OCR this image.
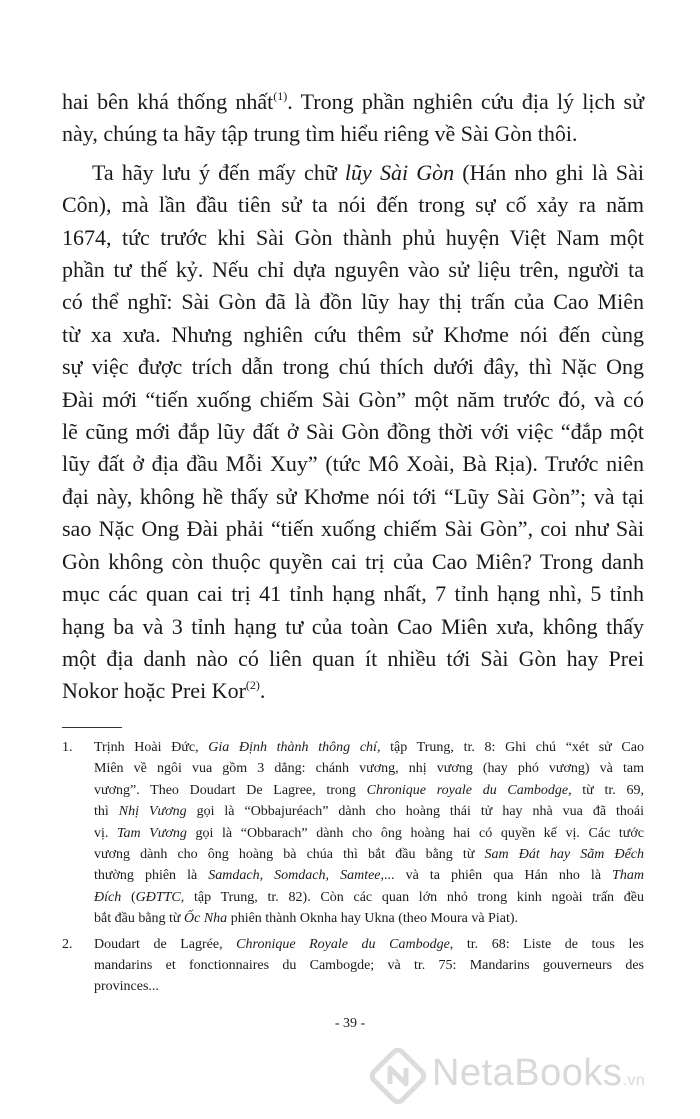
hai bên khá thống nhất$^{(1)}$. Trong phần nghiên cứu địa lý lịch sử
này, chúng ta hãy tập trung tìm hiểu riêng về Sài Gòn thôi.

Ta hãy lưu ý đến mấy chữ lũy Sài Gòn (Hán nho ghi là Sài
Côn), mà lần đầu tiên sử ta nói đến trong sự cố xảy ra năm
1674, tức trước khi Sài Gòn thành phủ huyện Việt Nam một
phần tư thế kỷ. Nếu chỉ dựa nguyên vào sử liệu trên, người ta
có thể nghĩ: Sài Gòn đã là đồn lũy hay thị trấn của Cao Miên
từ xa xưa. Nhưng nghiên cứu thêm sử Khơme nói đến cùng
sự việc được trích dẫn trong chú thích dưới đây, thì Nặc Ong
Đài mới “tiến xuống chiếm Sài Gòn” một năm trước đó, và có
lẽ cũng mới đắp lũy đất ở Sài Gòn đồng thời với việc “đắp một
lũy đất ở địa đầu Mỗi Xuy” (tức Mô Xoài, Bà Rịa). Trước niên
đại này, không hề thấy sử Khơme nói tới “Lũy Sài Gòn”; và tại
sao Nặc Ong Đài phải “tiến xuống chiếm Sài Gòn”, coi như Sài
Gòn không còn thuộc quyền cai trị của Cao Miên? Trong danh
mục các quan cai trị 41 tỉnh hạng nhất, 7 tỉnh hạng nhì, 5 tỉnh
hạng ba và 3 tỉnh hạng tư của toàn Cao Miên xưa, không thấy
một địa danh nào có liên quan ít nhiều tới Sài Gòn hay Prei
Nokor hoặc Prei Kor$^{(2)}$.

1. Trịnh Hoài Đức, Gia Định thành thông chí, tập Trung, tr. 8: Ghi chú “xét sử Cao
Miên về ngôi vua gồm 3 dẳng: chánh vương, nhị vương (hay phó vương) và tam
vương”. Theo Doudart De Lagree, trong Chronique royale du Cambodge, từ tr. 69,
thì Nhị Vương gọi là “Obbajuréach” dành cho hoàng thái tử hay nhà vua đã thoái
vị. Tam Vương gọi là “Obbarach” dành cho ông hoàng hai có quyền kế vị. Các tước
vương dành cho ông hoàng bà chúa thì bắt đầu bằng từ Sam Đát hay Sãm Đếch
thường phiên là Samdach, Somdach, Samtee,... và ta phiên qua Hán nho là Tham
Đích (GĐTTC, tập Trung, tr. 82). Còn các quan lớn nhỏ trong kinh ngoài trấn đều
bắt đầu bằng từ Ốc Nha phiên thành Oknha hay Ukna (theo Moura và Piat).
2. Doudart de Lagrée, Chronique Royale du Cambodge, tr. 68: Liste de tous les
mandarins et fonctionnaires du Cambogde; và tr. 75: Mandarins gouverneurs des
provinces...
- 39 -
NetaBooks.vn
